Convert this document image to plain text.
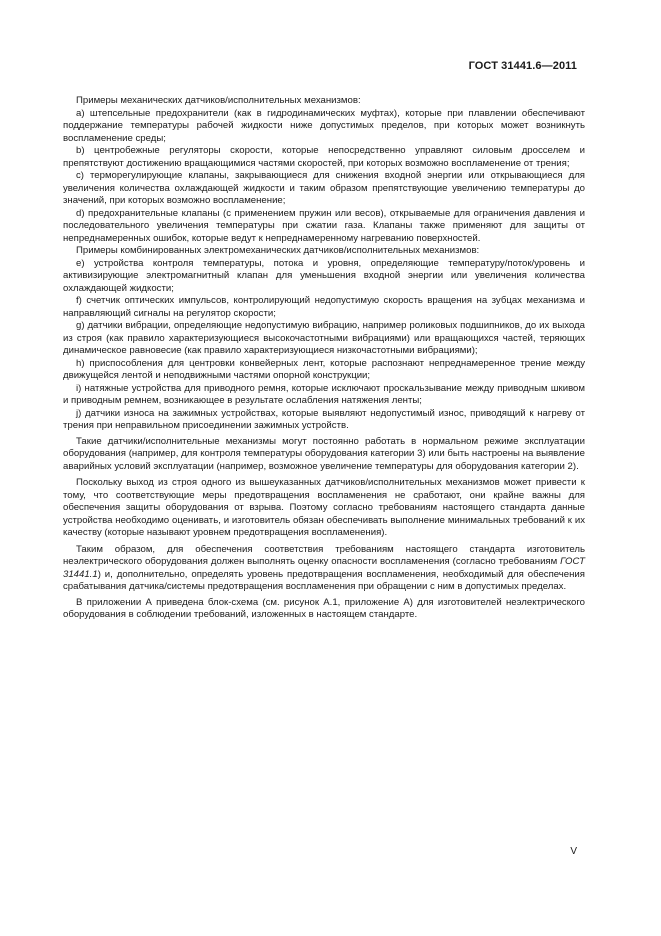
ГОСТ 31441.6—2011

Примеры механических датчиков/исполнительных механизмов:

a) штепсельные предохранители (как в гидродинамических муфтах), которые при плавлении обеспечивают поддержание температуры рабочей жидкости ниже допустимых пределов, при которых может возникнуть воспламенение среды;

b) центробежные регуляторы скорости, которые непосредственно управляют силовым дросселем и препятствуют достижению вращающимися частями скоростей, при которых возможно воспламенение от трения;

c) терморегулирующие клапаны, закрывающиеся для снижения входной энергии или открывающиеся для увеличения количества охлаждающей жидкости и таким образом препятствующие увеличению температуры до значений, при которых возможно воспламенение;

d) предохранительные клапаны (с применением пружин или весов), открываемые для ограничения давления и последовательного увеличения температуры при сжатии газа. Клапаны также применяют для защиты от непреднамеренных ошибок, которые ведут к непреднамеренному нагреванию поверхностей.

Примеры комбинированных электромеханических датчиков/исполнительных механизмов:

e) устройства контроля температуры, потока и уровня, определяющие температуру/поток/уровень и активизирующие электромагнитный клапан для уменьшения входной энергии или увеличения количества охлаждающей жидкости;

f) счетчик оптических импульсов, контролирующий недопустимую скорость вращения на зубцах механизма и направляющий сигналы на регулятор скорости;

g) датчики вибрации, определяющие недопустимую вибрацию, например роликовых подшипников, до их выхода из строя (как правило характеризующиеся высокочастотными вибрациями) или вращающихся частей, теряющих динамическое равновесие (как правило характеризующиеся низкочастотными вибрациями);

h) приспособления для центровки конвейерных лент, которые распознают непреднамеренное трение между движущейся лентой и неподвижными частями опорной конструкции;

i) натяжные устройства для приводного ремня, которые исключают проскальзывание между приводным шкивом и приводным ремнем, возникающее в результате ослабления натяжения ленты;

j) датчики износа на зажимных устройствах, которые выявляют недопустимый износ, приводящий к нагреву от трения при неправильном присоединении зажимных устройств.

Такие датчики/исполнительные механизмы могут постоянно работать в нормальном режиме эксплуатации оборудования (например, для контроля температуры оборудования категории 3) или быть настроены на выявление аварийных условий эксплуатации (например, возможное увеличение температуры для оборудования категории 2).

Поскольку выход из строя одного из вышеуказанных датчиков/исполнительных механизмов может привести к тому, что соответствующие меры предотвращения воспламенения не сработают, они крайне важны для обеспечения защиты оборудования от взрыва. Поэтому согласно требованиям настоящего стандарта данные устройства необходимо оценивать, и изготовитель обязан обеспечивать выполнение минимальных требований к их качеству (которые называют уровнем предотвращения воспламенения).

Таким образом, для обеспечения соответствия требованиям настоящего стандарта изготовитель неэлектрического оборудования должен выполнять оценку опасности воспламенения (согласно требованиям ГОСТ 31441.1) и, дополнительно, определять уровень предотвращения воспламенения, необходимый для обеспечения срабатывания датчика/системы предотвращения воспламенения при обращении с ним в допустимых пределах.

В приложении А приведена блок-схема (см. рисунок А.1, приложение А) для изготовителей неэлектрического оборудования в соблюдении требований, изложенных в настоящем стандарте.

V
